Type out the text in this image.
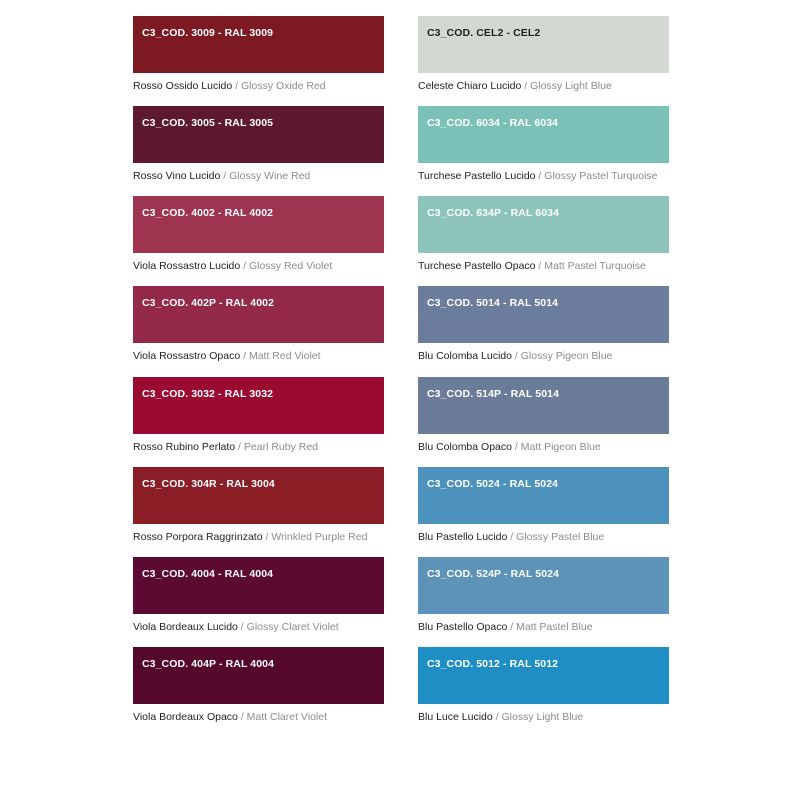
C3_COD. 3009 - RAL 3009
Rosso Ossido Lucido / Glossy Oxide Red
C3_COD. 3005 - RAL 3005
Rosso Vino Lucido / Glossy Wine Red
C3_COD. 4002 - RAL 4002
Viola Rossastro Lucido / Glossy Red Violet
C3_COD. 402P - RAL 4002
Viola Rossastro Opaco / Matt Red Violet
C3_COD. 3032 - RAL 3032
Rosso Rubino Perlato / Pearl Ruby Red
C3_COD. 304R - RAL 3004
Rosso Porpora Raggrinzato / Wrinkled Purple Red
C3_COD. 4004 - RAL 4004
Viola Bordeaux Lucido / Glossy Claret Violet
C3_COD. 404P - RAL 4004
Viola Bordeaux Opaco / Matt Claret Violet
C3_COD. CEL2 - CEL2
Celeste Chiaro Lucido / Glossy Light Blue
C3_COD. 6034 - RAL 6034
Turchese Pastello Lucido / Glossy Pastel Turquoise
C3_COD. 634P - RAL 6034
Turchese Pastello Opaco / Matt Pastel Turquoise
C3_COD. 5014 - RAL 5014
Blu Colomba Lucido / Glossy Pigeon Blue
C3_COD. 514P - RAL 5014
Blu Colomba Opaco / Matt Pigeon Blue
C3_COD. 5024 - RAL 5024
Blu Pastello Lucido / Glossy Pastel Blue
C3_COD. 524P - RAL 5024
Blu Pastello Opaco / Matt Pastel Blue
C3_COD. 5012 - RAL 5012
Blu Luce Lucido / Glossy Light Blue
